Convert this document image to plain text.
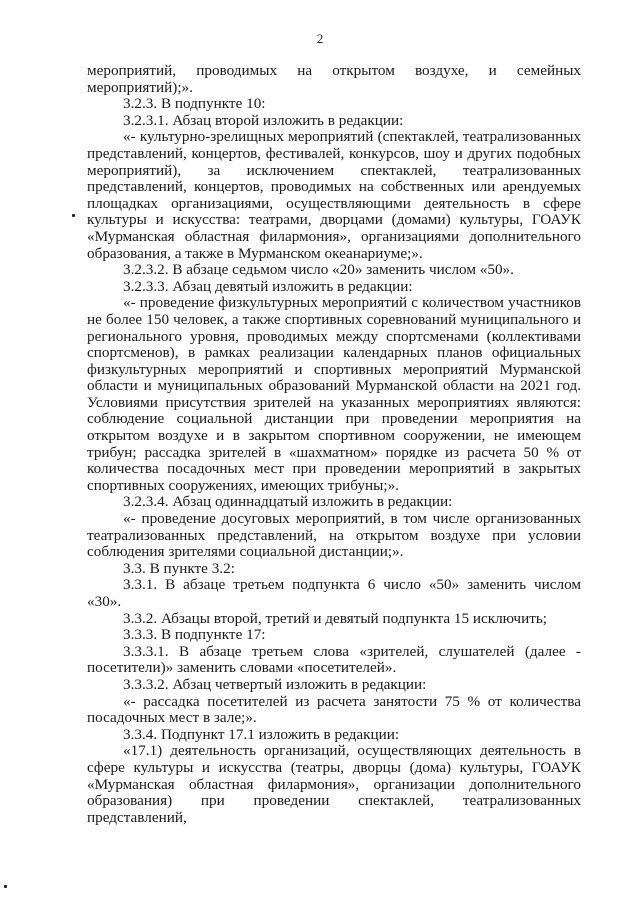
2

мероприятий, проводимых на открытом воздухе, и семейных мероприятий);».

3.2.3. В подпункте 10:

3.2.3.1. Абзац второй изложить в редакции:

«- культурно-зрелищных мероприятий (спектаклей, театрализованных представлений, концертов, фестивалей, конкурсов, шоу и других подобных мероприятий), за исключением спектаклей, театрализованных представлений, концертов, проводимых на собственных или арендуемых площадках организациями, осуществляющими деятельность в сфере культуры и искусства: театрами, дворцами (домами) культуры, ГОАУК «Мурманская областная филармония», организациями дополнительного образования, а также в Мурманском океанариуме;».

3.2.3.2. В абзаце седьмом число «20» заменить числом «50».

3.2.3.3. Абзац девятый изложить в редакции:

«- проведение физкультурных мероприятий с количеством участников не более 150 человек, а также спортивных соревнований муниципального и регионального уровня, проводимых между спортсменами (коллективами спортсменов), в рамках реализации календарных планов официальных физкультурных мероприятий и спортивных мероприятий Мурманской области и муниципальных образований Мурманской области на 2021 год. Условиями присутствия зрителей на указанных мероприятиях являются: соблюдение социальной дистанции при проведении мероприятия на открытом воздухе и в закрытом спортивном сооружении, не имеющем трибун; рассадка зрителей в «шахматном» порядке из расчета 50 % от количества посадочных мест при проведении мероприятий в закрытых спортивных сооружениях, имеющих трибуны;».

3.2.3.4. Абзац одиннадцатый изложить в редакции:

«- проведение досуговых мероприятий, в том числе организованных театрализованных представлений, на открытом воздухе при условии соблюдения зрителями социальной дистанции;».

3.3. В пункте 3.2:

3.3.1. В абзаце третьем подпункта 6 число «50» заменить числом «30».

3.3.2. Абзацы второй, третий и девятый подпункта 15 исключить;

3.3.3. В подпункте 17:

3.3.3.1. В абзаце третьем слова «зрителей, слушателей (далее - посетители)» заменить словами «посетителей».

3.3.3.2. Абзац четвертый изложить в редакции:

«- рассадка посетителей из расчета занятости 75 % от количества посадочных мест в зале;».

3.3.4. Подпункт 17.1 изложить в редакции:

«17.1) деятельность организаций, осуществляющих деятельность в сфере культуры и искусства (театры, дворцы (дома) культуры, ГОАУК «Мурманская областная филармония», организации дополнительного образования) при проведении спектаклей, театрализованных представлений,
